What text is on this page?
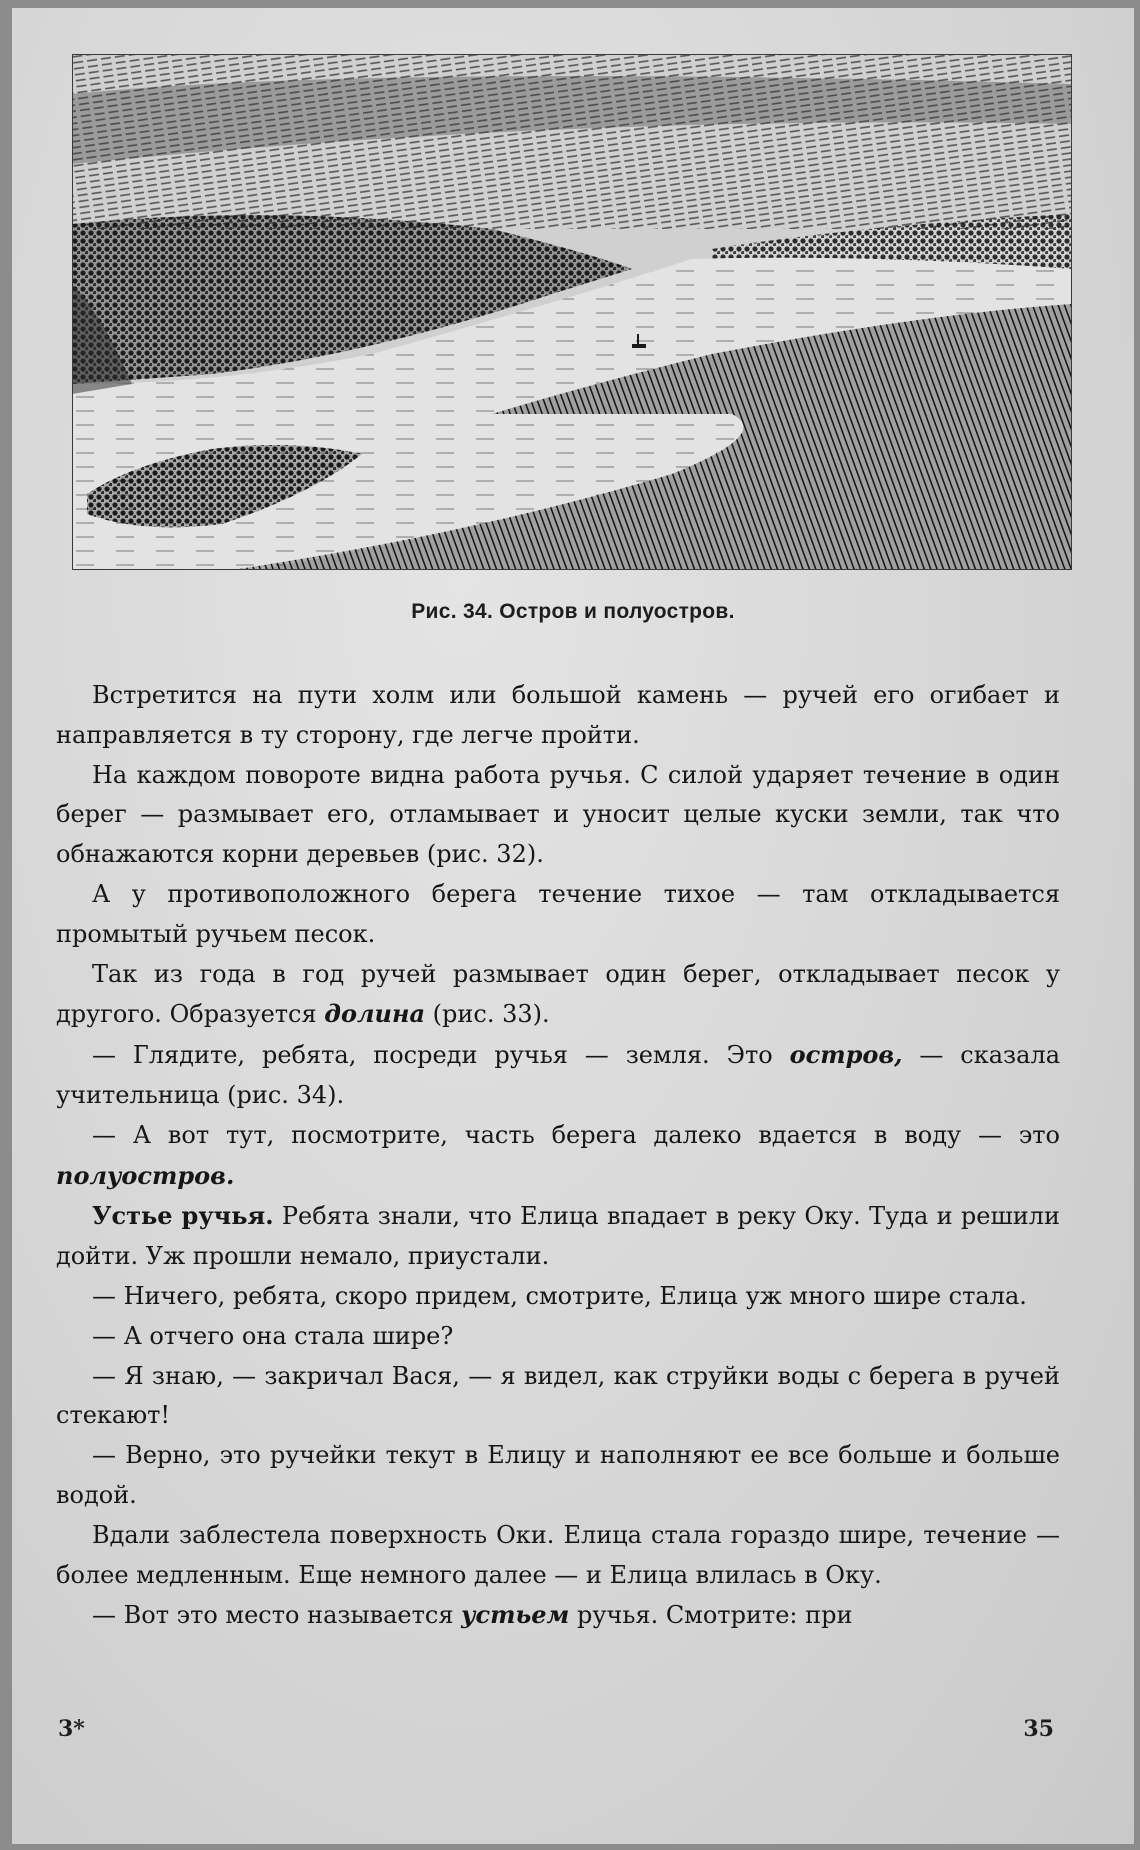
Рис. 34. Остров и полуостров.

Встретится на пути холм или большой камень — ручей его огибает и направляется в ту сторону, где легче пройти.

На каждом повороте видна работа ручья. С силой ударяет течение в один берег — размывает его, отламывает и уносит целые куски земли, так что обнажаются корни деревьев (рис. 32).

А у противоположного берега течение тихое — там откладывается промытый ручьем песок.

Так из года в год ручей размывает один берег, откладывает песок у другого. Образуется долина (рис. 33).

— Глядите, ребята, посреди ручья — земля. Это остров, — сказала учительница (рис. 34).

— А вот тут, посмотрите, часть берега далеко вдается в воду — это полуостров.

Устье ручья. Ребята знали, что Елица впадает в реку Оку. Туда и решили дойти. Уж прошли немало, приустали.

— Ничего, ребята, скоро придем, смотрите, Елица уж много шире стала.

— А отчего она стала шире?

— Я знаю, — закричал Вася, — я видел, как струйки воды с берега в ручей стекают!

— Верно, это ручейки текут в Елицу и наполняют ее все больше и больше водой.

Вдали заблестела поверхность Оки. Елица стала гораздо шире, течение — более медленным. Еще немного далее — и Елица влилась в Оку.

— Вот это место называется устьем ручья. Смотрите: при

3*	35
